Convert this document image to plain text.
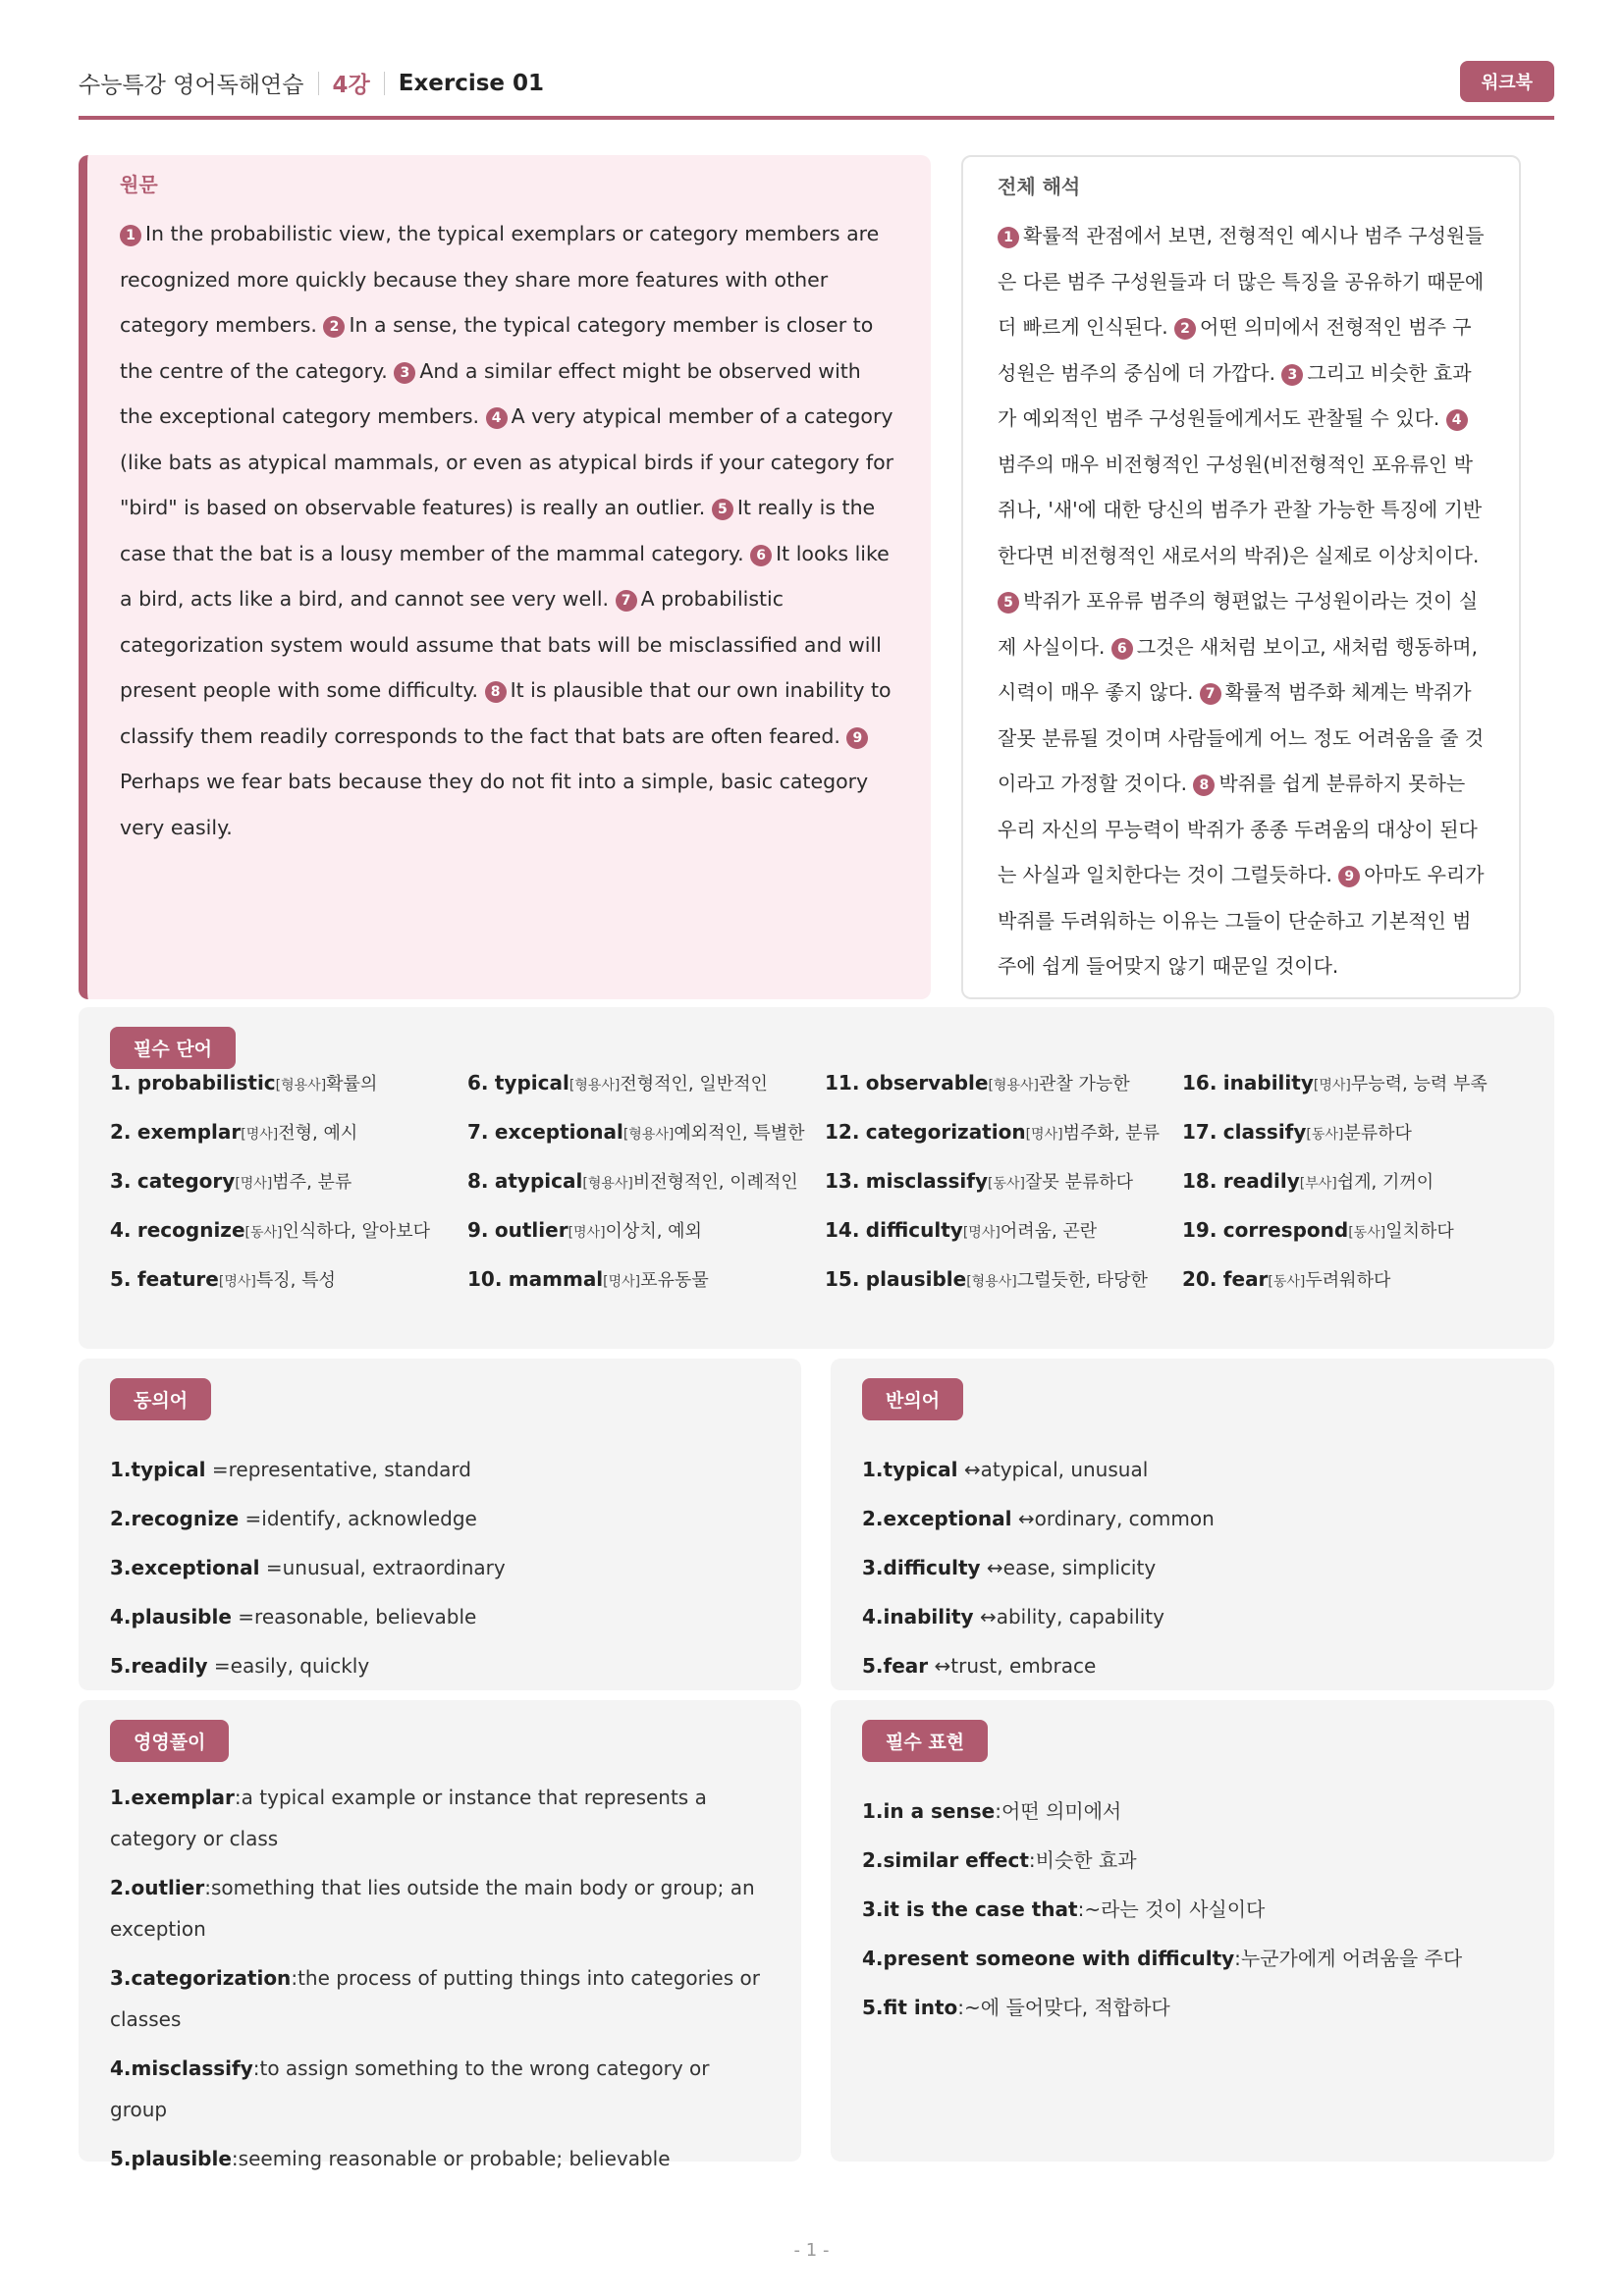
수능특강 영어독해연습 4강 Exercise 01	워크북
원문
1 In the probabilistic view, the typical exemplars or category members are recognized more quickly because they share more features with other category members. 2 In a sense, the typical category member is closer to the centre of the category. 3 And a similar effect might be observed with the exceptional category members. 4 A very atypical member of a category (like bats as atypical mammals, or even as atypical birds if your category for "bird" is based on observable features) is really an outlier. 5 It really is the case that the bat is a lousy member of the mammal category. 6 It looks like a bird, acts like a bird, and cannot see very well. 7 A probabilistic categorization system would assume that bats will be misclassified and will present people with some difficulty. 8 It is plausible that our own inability to classify them readily corresponds to the fact that bats are often feared. 9Perhaps we fear bats because they do not fit into a simple, basic category very easily.
전체 해석
1 확률적 관점에서 보면, 전형적인 예시나 범주 구성원들은 다른 범주 구성원들과 더 많은 특징을 공유하기 때문에 더 빠르게 인식된다. 2 어떤 의미에서 전형적인 범주 구성원은 범주의 중심에 더 가깝다. 3 그리고 비슷한 효과가 예외적인 범주 구성원들에게서도 관찰될 수 있다. 4범주의 매우 비전형적인 구성원(비전형적인 포유류인 박쥐나, '새'에 대한 당신의 범주가 관찰 가능한 특징에 기반한다면 비전형적인 새로서의 박쥐)은 실제로 이상치이다. 5 박쥐가 포유류 범주의 형편없는 구성원이라는 것이 실제 사실이다. 6 그것은 새처럼 보이고, 새처럼 행동하며, 시력이 매우 좋지 않다. 7 확률적 범주화 체계는 박쥐가 잘못 분류될 것이며 사람들에게 어느 정도 어려움을 줄 것이라고 가정할 것이다. 8 박쥐를 쉽게 분류하지 못하는 우리 자신의 무능력이 박쥐가 종종 두려움의 대상이 된다는 사실과 일치한다는 것이 그럴듯하다. 9 아마도 우리가 박쥐를 두려워하는 이유는 그들이 단순하고 기본적인 범주에 쉽게 들어맞지 않기 때문일 것이다.
필수 단어
1. probabilistic[형용사]확률의
2. exemplar[명사]전형, 예시
3. category[명사]범주, 분류
4. recognize[동사]인식하다, 알아보다
5. feature[명사]특징, 특성
6. typical[형용사]전형적인, 일반적인
7. exceptional[형용사]예외적인, 특별한
8. atypical[형용사]비전형적인, 이례적인
9. outlier[명사]이상치, 예외
10. mammal[명사]포유동물
11. observable[형용사]관찰 가능한
12. categorization[명사]범주화, 분류
13. misclassify[동사]잘못 분류하다
14. difficulty[명사]어려움, 곤란
15. plausible[형용사]그럴듯한, 타당한
16. inability[명사]무능력, 능력 부족
17. classify[동사]분류하다
18. readily[부사]쉽게, 기꺼이
19. correspond[동사]일치하다
20. fear[동사]두려워하다
동의어
1.typical =representative, standard
2.recognize =identify, acknowledge
3.exceptional =unusual, extraordinary
4.plausible =reasonable, believable
5.readily =easily, quickly
반의어
1.typical ↔atypical, unusual
2.exceptional ↔ordinary, common
3.difficulty ↔ease, simplicity
4.inability ↔ability, capability
5.fear ↔trust, embrace
영영풀이
1.exemplar:a typical example or instance that represents a category or class
2.outlier:something that lies outside the main body or group; an exception
3.categorization:the process of putting things into categories or classes
4.misclassify:to assign something to the wrong category or group
5.plausible:seeming reasonable or probable; believable
필수 표현
1.in a sense:어떤 의미에서
2.similar effect:비슷한 효과
3.it is the case that:~라는 것이 사실이다
4.present someone with difficulty:누군가에게 어려움을 주다
5.fit into:~에 들어맞다, 적합하다
- 1 -
